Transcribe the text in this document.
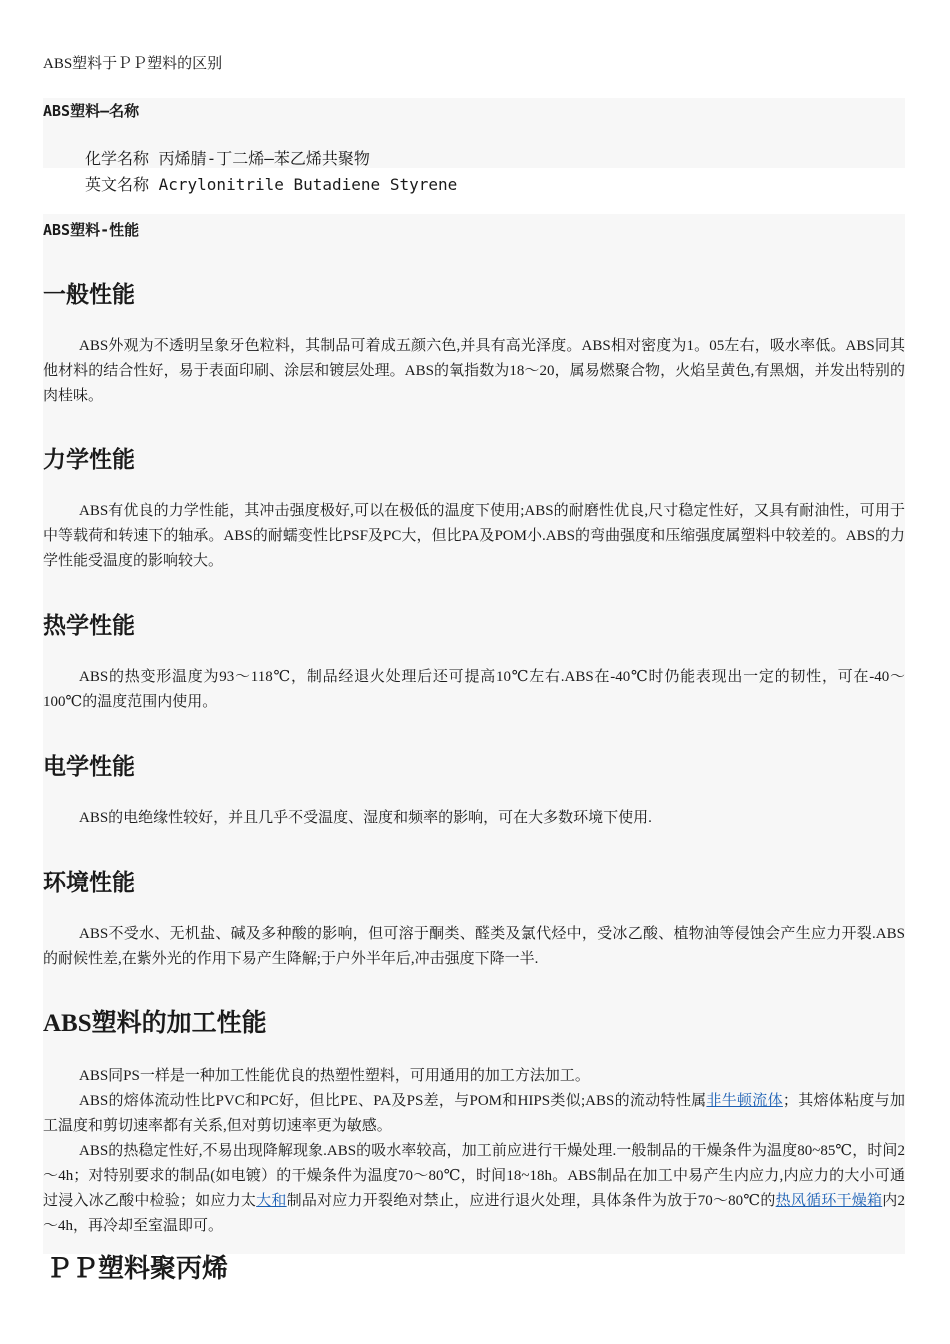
ABS塑料于ＰＰ塑料的区别
ABS塑料—名称
化学名称 丙烯腈-丁二烯—苯乙烯共聚物
英文名称 Acrylonitrile Butadiene Styrene
ABS塑料-性能
一般性能
ABS外观为不透明呈象牙色粒料，其制品可着成五颜六色,并具有高光泽度。ABS相对密度为1。05左右，吸水率低。ABS同其他材料的结合性好，易于表面印刷、涂层和镀层处理。ABS的氧指数为18～20，属易燃聚合物，火焰呈黄色,有黑烟，并发出特别的肉桂味。
力学性能
ABS有优良的力学性能，其冲击强度极好,可以在极低的温度下使用;ABS的耐磨性优良,尺寸稳定性好，又具有耐油性，可用于中等载荷和转速下的轴承。ABS的耐蠕变性比PSF及PC大，但比PA及POM小.ABS的弯曲强度和压缩强度属塑料中较差的。ABS的力学性能受温度的影响较大。
热学性能
ABS的热变形温度为93～118℃，制品经退火处理后还可提高10℃左右.ABS在-40℃时仍能表现出一定的韧性，可在-40～100℃的温度范围内使用。
电学性能
ABS的电绝缘性较好，并且几乎不受温度、湿度和频率的影响，可在大多数环境下使用.
环境性能
ABS不受水、无机盐、碱及多种酸的影响，但可溶于酮类、醛类及氯代烃中，受冰乙酸、植物油等侵蚀会产生应力开裂.ABS的耐候性差,在紫外光的作用下易产生降解;于户外半年后,冲击强度下降一半.
ABS塑料的加工性能
ABS同PS一样是一种加工性能优良的热塑性塑料，可用通用的加工方法加工。
ABS的熔体流动性比PVC和PC好，但比PE、PA及PS差，与POM和HIPS类似;ABS的流动特性属非牛顿流体；其熔体粘度与加工温度和剪切速率都有关系,但对剪切速率更为敏感。
ABS的热稳定性好,不易出现降解现象.ABS的吸水率较高，加工前应进行干燥处理.一般制品的干燥条件为温度80~85℃，时间2～4h；对特别要求的制品(如电镀）的干燥条件为温度70～80℃，时间18~18h。ABS制品在加工中易产生内应力,内应力的大小可通过浸入冰乙酸中检验；如应力太大和制品对应力开裂绝对禁止，应进行退火处理，具体条件为放于70～80℃的热风循环干燥箱内2～4h，再冷却至室温即可。
ＰＰ塑料聚丙烯
